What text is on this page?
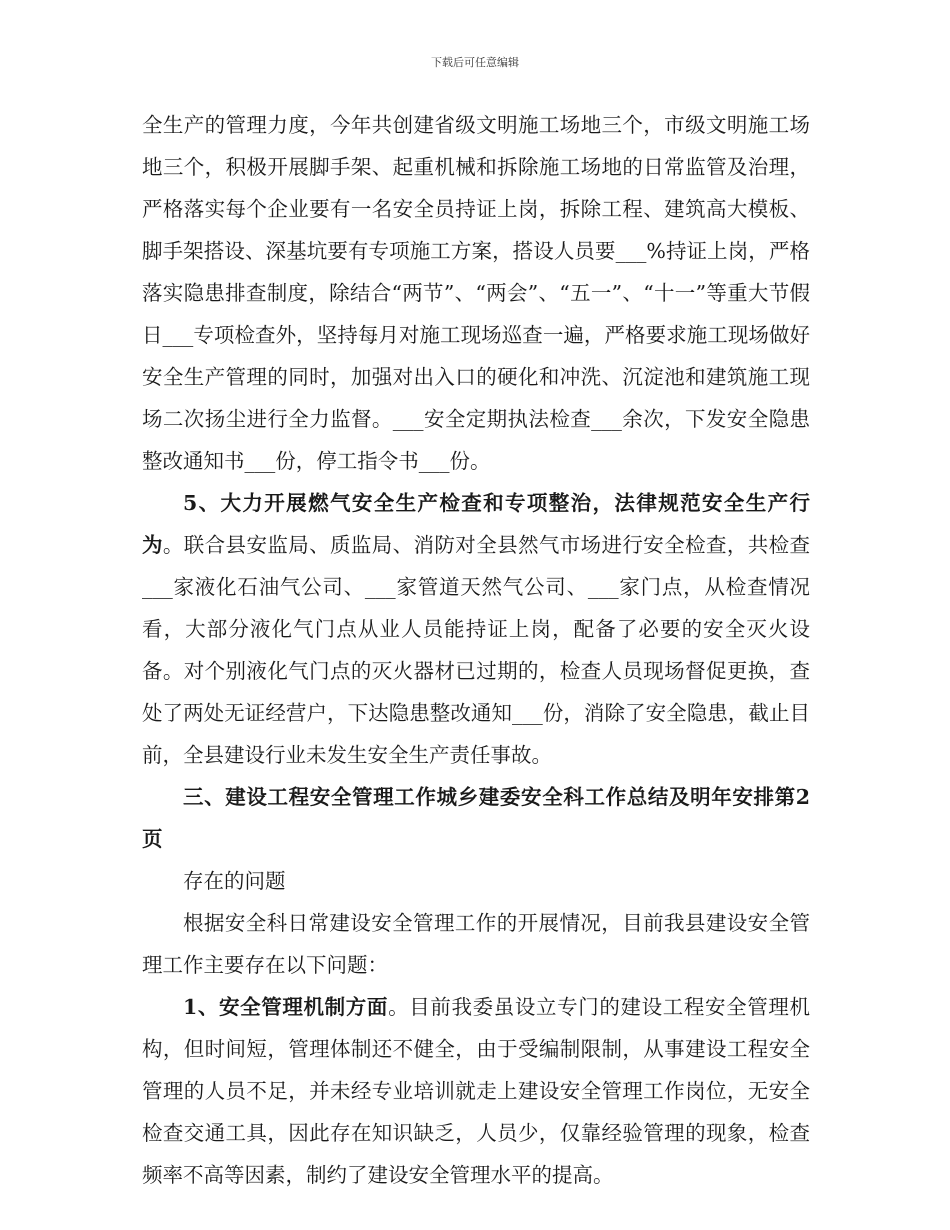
下载后可任意编辑

全生产的管理力度，今年共创建省级文明施工场地三个，市级文明施工场地三个，积极开展脚手架、起重机械和拆除施工场地的日常监管及治理，严格落实每个企业要有一名安全员持证上岗，拆除工程、建筑高大模板、脚手架搭设、深基坑要有专项施工方案，搭设人员要___%持证上岗，严格落实隐患排查制度，除结合“两节”、“两会”、“五一”、“十一”等重大节假日___专项检查外，坚持每月对施工现场巡查一遍，严格要求施工现场做好安全生产管理的同时，加强对出入口的硬化和冲洗、沉淀池和建筑施工现场二次扬尘进行全力监督。___安全定期执法检查___余次，下发安全隐患整改通知书___份，停工指令书___份。

5、大力开展燃气安全生产检查和专项整治，法律规范安全生产行为。联合县安监局、质监局、消防对全县然气市场进行安全检查，共检查___家液化石油气公司、___家管道天然气公司、___家门点，从检查情况看，大部分液化气门点从业人员能持证上岗，配备了必要的安全灭火设备。对个别液化气门点的灭火器材已过期的，检查人员现场督促更换，查处了两处无证经营户，下达隐患整改通知___份，消除了安全隐患，截止目前，全县建设行业未发生安全生产责任事故。

三、建设工程安全管理工作城乡建委安全科工作总结及明年安排第2页

存在的问题

根据安全科日常建设安全管理工作的开展情况，目前我县建设安全管理工作主要存在以下问题：

1、安全管理机制方面。目前我委虽设立专门的建设工程安全管理机构，但时间短，管理体制还不健全，由于受编制限制，从事建设工程安全管理的人员不足，并未经专业培训就走上建设安全管理工作岗位，无安全检查交通工具，因此存在知识缺乏，人员少，仅靠经验管理的现象，检查频率不高等因素，制约了建设安全管理水平的提高。
